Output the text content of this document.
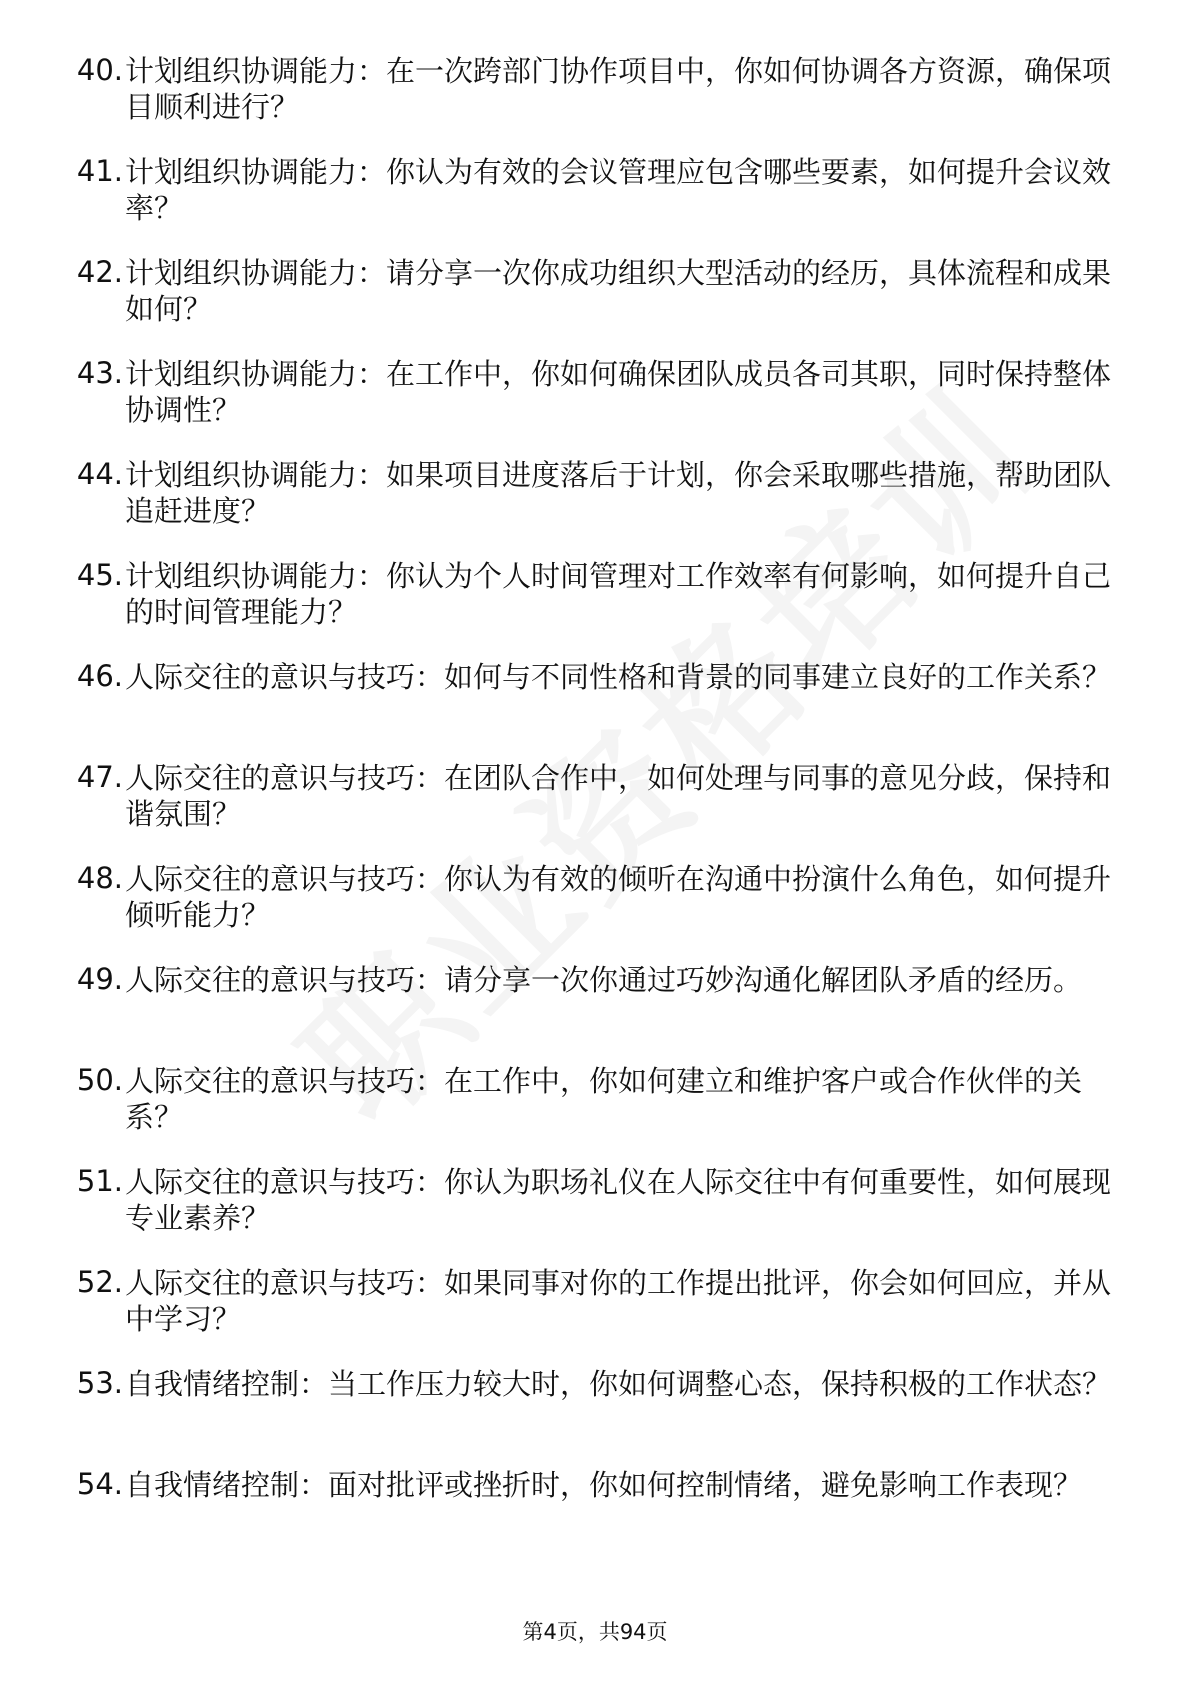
40. 计划组织协调能力：在一次跨部门协作项目中，你如何协调各方资源，确保项目顺利进行？
41. 计划组织协调能力：你认为有效的会议管理应包含哪些要素，如何提升会议效率？
42. 计划组织协调能力：请分享一次你成功组织大型活动的经历，具体流程和成果如何？
43. 计划组织协调能力：在工作中，你如何确保团队成员各司其职，同时保持整体协调性？
44. 计划组织协调能力：如果项目进度落后于计划，你会采取哪些措施，帮助团队追赶进度？
45. 计划组织协调能力：你认为个人时间管理对工作效率有何影响，如何提升自己的时间管理能力？
46. 人际交往的意识与技巧：如何与不同性格和背景的同事建立良好的工作关系？
47. 人际交往的意识与技巧：在团队合作中，如何处理与同事的意见分歧，保持和谐氛围？
48. 人际交往的意识与技巧：你认为有效的倾听在沟通中扮演什么角色，如何提升倾听能力？
49. 人际交往的意识与技巧：请分享一次你通过巧妙沟通化解团队矛盾的经历。
50. 人际交往的意识与技巧：在工作中，你如何建立和维护客户或合作伙伴的关系？
51. 人际交往的意识与技巧：你认为职场礼仪在人际交往中有何重要性，如何展现专业素养？
52. 人际交往的意识与技巧：如果同事对你的工作提出批评，你会如何回应，并从中学习？
53. 自我情绪控制：当工作压力较大时，你如何调整心态，保持积极的工作状态？
54. 自我情绪控制：面对批评或挫折时，你如何控制情绪，避免影响工作表现？
第4页，共94页
